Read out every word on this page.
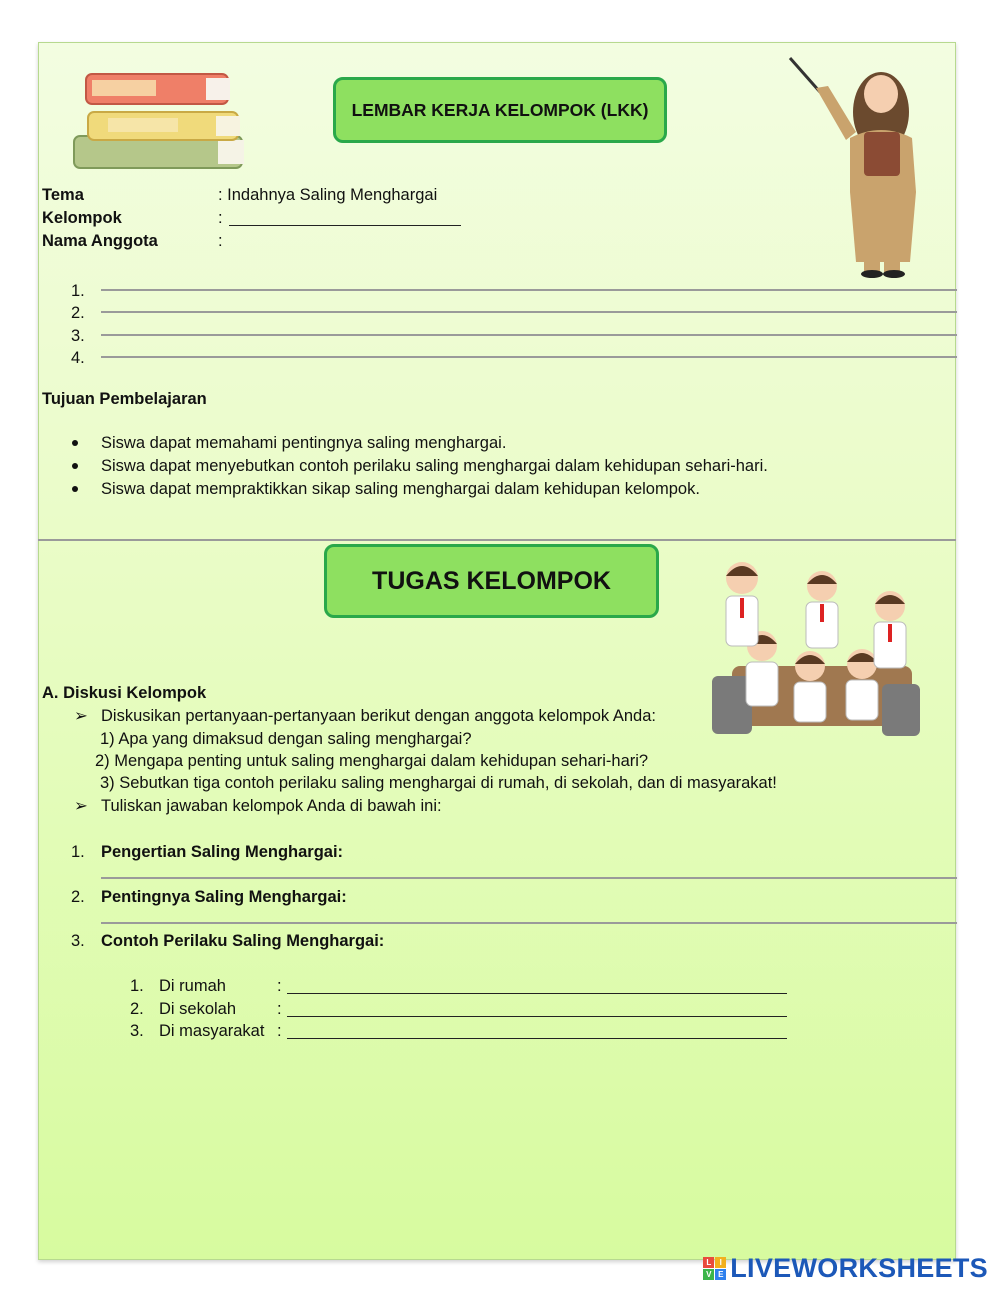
LEMBAR KERJA KELOMPOK (LKK)
Tema	: Indahnya Saling Menghargai
Kelompok	:
Nama Anggota	:
1.
2.
3.
4.
Tujuan Pembelajaran
Siswa dapat memahami pentingnya saling menghargai.
Siswa dapat menyebutkan contoh perilaku saling menghargai dalam kehidupan sehari-hari.
Siswa dapat mempraktikkan sikap saling menghargai dalam kehidupan kelompok.
TUGAS KELOMPOK
A. Diskusi Kelompok
➢ Diskusikan pertanyaan-pertanyaan berikut dengan anggota kelompok Anda:
1) Apa yang dimaksud dengan saling menghargai?
2) Mengapa penting untuk saling menghargai dalam kehidupan sehari-hari?
3) Sebutkan tiga contoh perilaku saling menghargai di rumah, di sekolah, dan di masyarakat!
➢ Tuliskan jawaban kelompok Anda di bawah ini:
1. Pengertian Saling Menghargai:
2. Pentingnya Saling Menghargai:
3. Contoh Perilaku Saling Menghargai:
1. Di rumah	:
2. Di sekolah :
3. Di masyarakat :
L	I
V E LIVEWORKSHEETS
